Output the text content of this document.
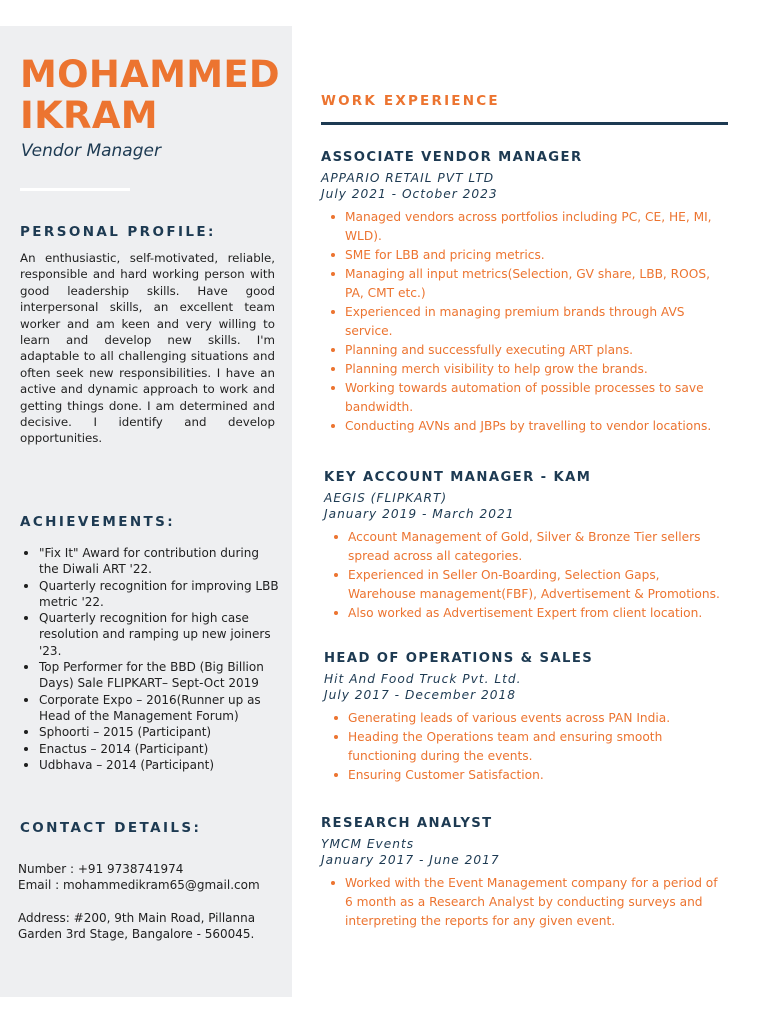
MOHAMMED
IKRAM
Vendor Manager
PERSONAL PROFILE:
An enthusiastic, self-motivated, reliable, responsible and hard working person with good leadership skills. Have good interpersonal skills, an excellent team worker and am keen and very willing to learn and develop new skills. I'm adaptable to all challenging situations and often seek new responsibilities. I have an active and dynamic approach to work and getting things done. I am determined and decisive. I identify and develop opportunities.
ACHIEVEMENTS:
"Fix It" Award for contribution during the Diwali ART '22.
Quarterly recognition for improving LBB metric '22.
Quarterly recognition for high case resolution and ramping up new joiners '23.
Top Performer for the BBD (Big Billion Days) Sale FLIPKART– Sept-Oct 2019
Corporate Expo – 2016(Runner up as Head of the Management Forum)
Sphoorti – 2015 (Participant)
Enactus – 2014 (Participant)
Udbhava – 2014 (Participant)
CONTACT DETAILS:
Number : +91 9738741974
Email : mohammedikram65@gmail.com
Address: #200, 9th Main Road, Pillanna Garden 3rd Stage, Bangalore - 560045.
WORK EXPERIENCE
ASSOCIATE VENDOR MANAGER
APPARIO RETAIL PVT LTD
July 2021 - October 2023
Managed vendors across portfolios including PC, CE, HE, MI, WLD).
SME for LBB and pricing metrics.
Managing all input metrics(Selection, GV share, LBB, ROOS, PA, CMT etc.)
Experienced in managing premium brands through AVS service.
Planning and successfully executing ART plans.
Planning merch visibility to help grow the brands.
Working towards automation of possible processes to save bandwidth.
Conducting AVNs and JBPs by travelling to vendor locations.
KEY ACCOUNT MANAGER - KAM
AEGIS (FLIPKART)
January 2019 - March 2021
Account Management of Gold, Silver & Bronze Tier sellers spread across all categories.
Experienced in Seller On-Boarding, Selection Gaps, Warehouse management(FBF), Advertisement & Promotions.
Also worked as Advertisement Expert from client location.
HEAD OF OPERATIONS & SALES
Hit And Food Truck Pvt. Ltd.
July 2017 - December 2018
Generating leads of various events across PAN India.
Heading the Operations team and ensuring smooth functioning during the events.
Ensuring Customer Satisfaction.
RESEARCH ANALYST
YMCM Events
January 2017 - June 2017
Worked with the Event Management company for a period of 6 month as a Research Analyst by conducting surveys and interpreting the reports for any given event.
